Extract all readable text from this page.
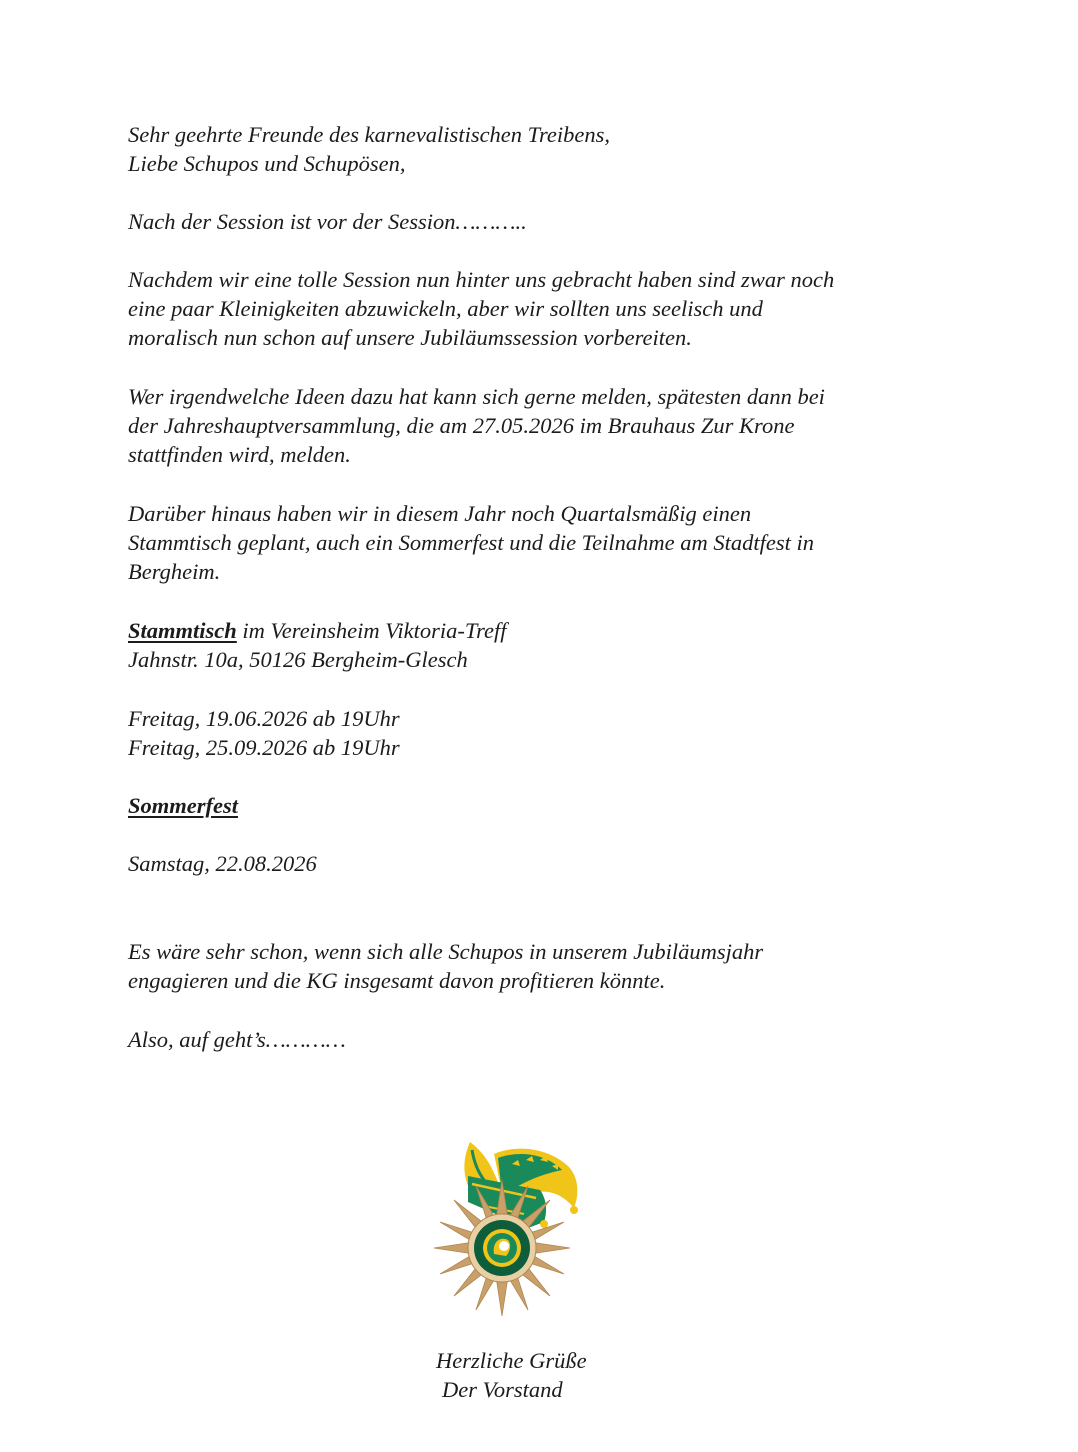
Sehr geehrte Freunde des karnevalistischen Treibens,
Liebe Schupos und Schupösen,
Nach der Session ist vor der Session………..
Nachdem wir eine tolle Session nun hinter uns gebracht haben sind zwar noch
eine paar Kleinigkeiten abzuwickeln, aber wir sollten uns seelisch und
moralisch nun schon auf unsere Jubiläumssession vorbereiten.
Wer irgendwelche Ideen dazu hat kann sich gerne melden, spätesten dann bei
der Jahreshauptversammlung, die am 27.05.2026 im Brauhaus Zur Krone
stattfinden wird, melden.
Darüber hinaus haben wir in diesem Jahr noch Quartalsmäßig einen
Stammtisch geplant, auch ein Sommerfest und die Teilnahme am Stadtfest in
Bergheim.
Stammtisch im Vereinsheim Viktoria-Treff
Jahnstr. 10a, 50126 Bergheim-Glesch
Freitag, 19.06.2026 ab 19Uhr
Freitag, 25.09.2026 ab 19Uhr
Sommerfest
Samstag, 22.08.2026
Es wäre sehr schon, wenn sich alle Schupos in unserem Jubiläumsjahr
engagieren und die KG insgesamt davon profitieren könnte.
Also, auf geht’s…………
Herzliche Grüße
Der Vorstand
